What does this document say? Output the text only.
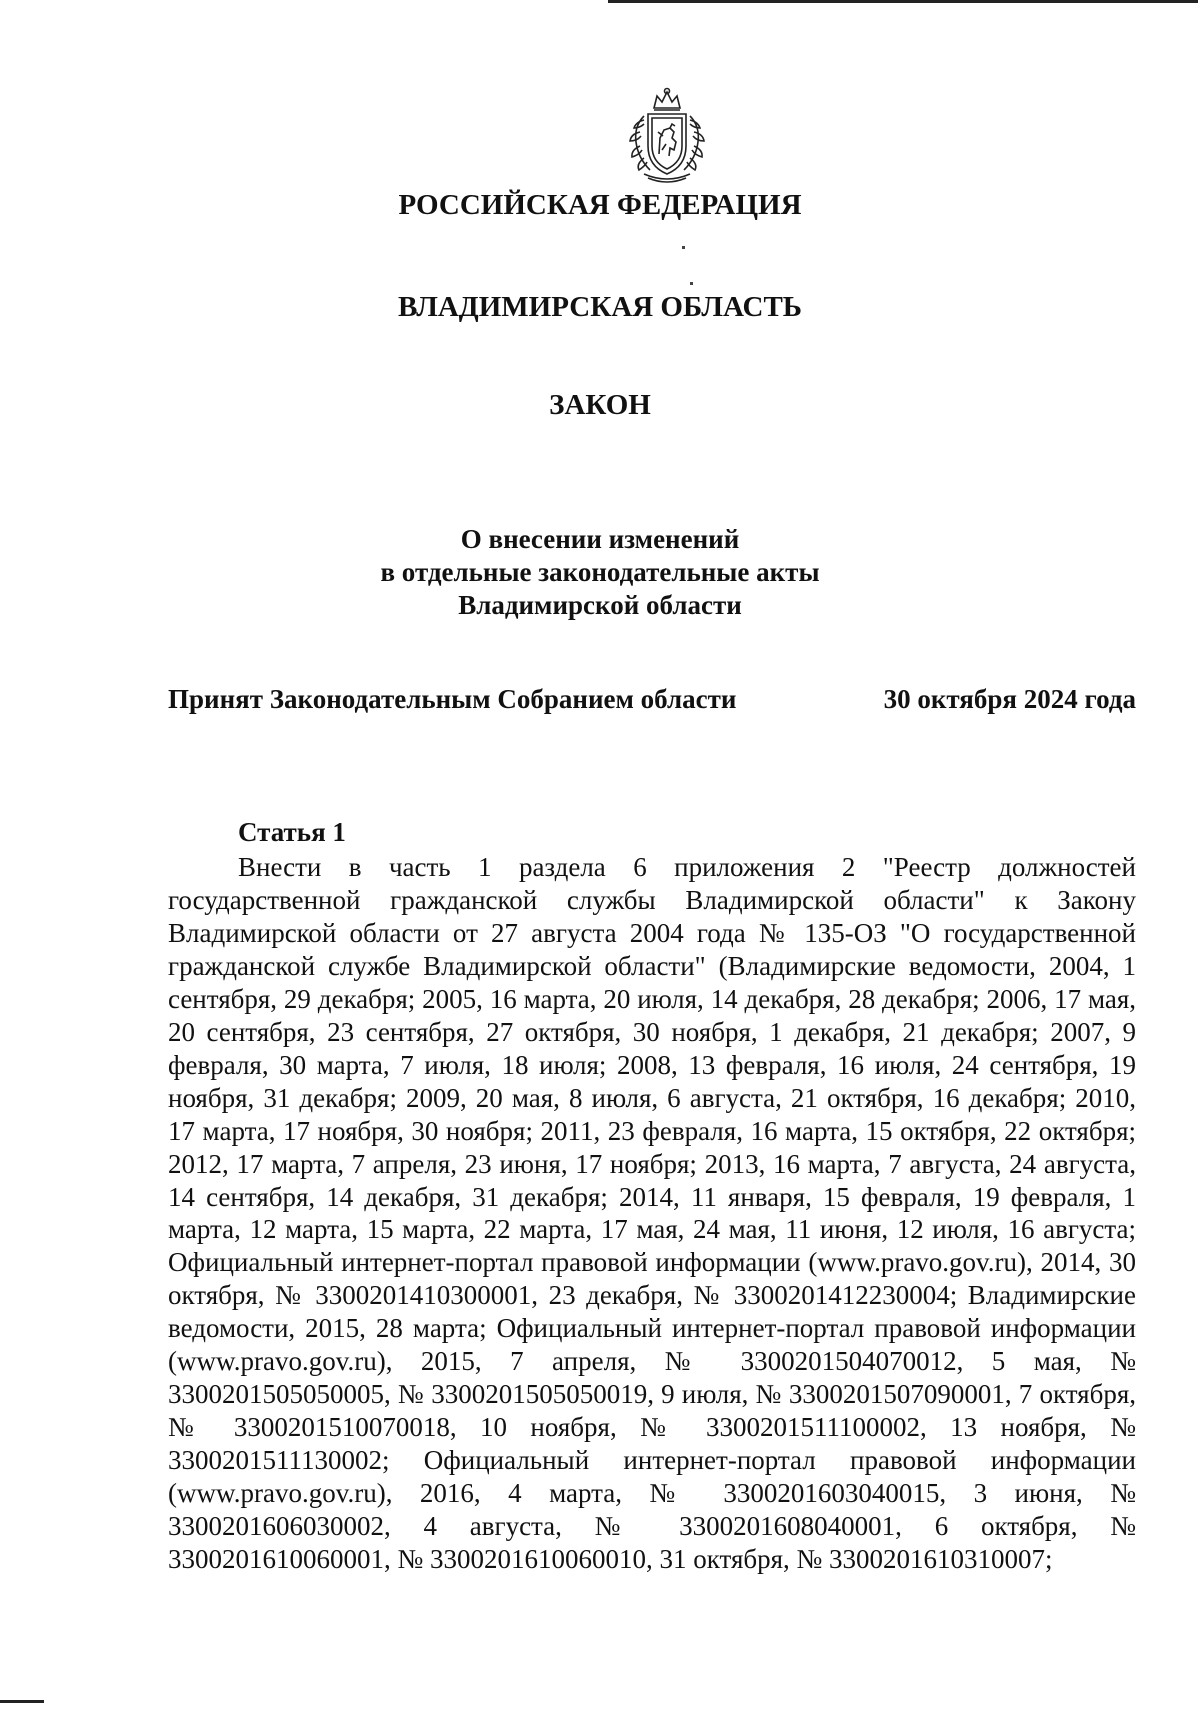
РОССИЙСКАЯ ФЕДЕРАЦИЯ
ВЛАДИМИРСКАЯ ОБЛАСТЬ
ЗАКОН
О внесении изменений
в отдельные законодательные акты
Владимирской области
Принят Законодательным Собранием области	30 октября 2024 года
Статья 1

Внести в часть 1 раздела 6 приложения 2 "Реестр должностей государственной гражданской службы Владимирской области" к Закону Владимирской области от 27 августа 2004 года № 135-ОЗ "О государственной гражданской службе Владимирской области" (Владимирские ведомости, 2004, 1 сентября, 29 декабря; 2005, 16 марта, 20 июля, 14 декабря, 28 декабря; 2006, 17 мая, 20 сентября, 23 сентября, 27 октября, 30 ноября, 1 декабря, 21 декабря; 2007, 9 февраля, 30 марта, 7 июля, 18 июля; 2008, 13 февраля, 16 июля, 24 сентября, 19 ноября, 31 декабря; 2009, 20 мая, 8 июля, 6 августа, 21 октября, 16 декабря; 2010, 17 марта, 17 ноября, 30 ноября; 2011, 23 февраля, 16 марта, 15 октября, 22 октября; 2012, 17 марта, 7 апреля, 23 июня, 17 ноября; 2013, 16 марта, 7 августа, 24 августа, 14 сентября, 14 декабря, 31 декабря; 2014, 11 января, 15 февраля, 19 февраля, 1 марта, 12 марта, 15 марта, 22 марта, 17 мая, 24 мая, 11 июня, 12 июля, 16 августа; Официальный интернет-портал правовой информации (www.pravo.gov.ru), 2014, 30 октября, № 3300201410300001, 23 декабря, № 3300201412230004; Владимирские ведомости, 2015, 28 марта; Официальный интернет-портал правовой информации (www.pravo.gov.ru), 2015, 7 апреля, № 3300201504070012, 5 мая, № 3300201505050005, № 3300201505050019, 9 июля, № 3300201507090001, 7 октября, № 3300201510070018, 10 ноября, № 3300201511100002, 13 ноября, № 3300201511130002; Официальный интернет-портал правовой информации (www.pravo.gov.ru), 2016, 4 марта, № 3300201603040015, 3 июня, № 3300201606030002, 4 августа, № 3300201608040001, 6 октября, № 3300201610060001, № 3300201610060010, 31 октября, № 3300201610310007;
